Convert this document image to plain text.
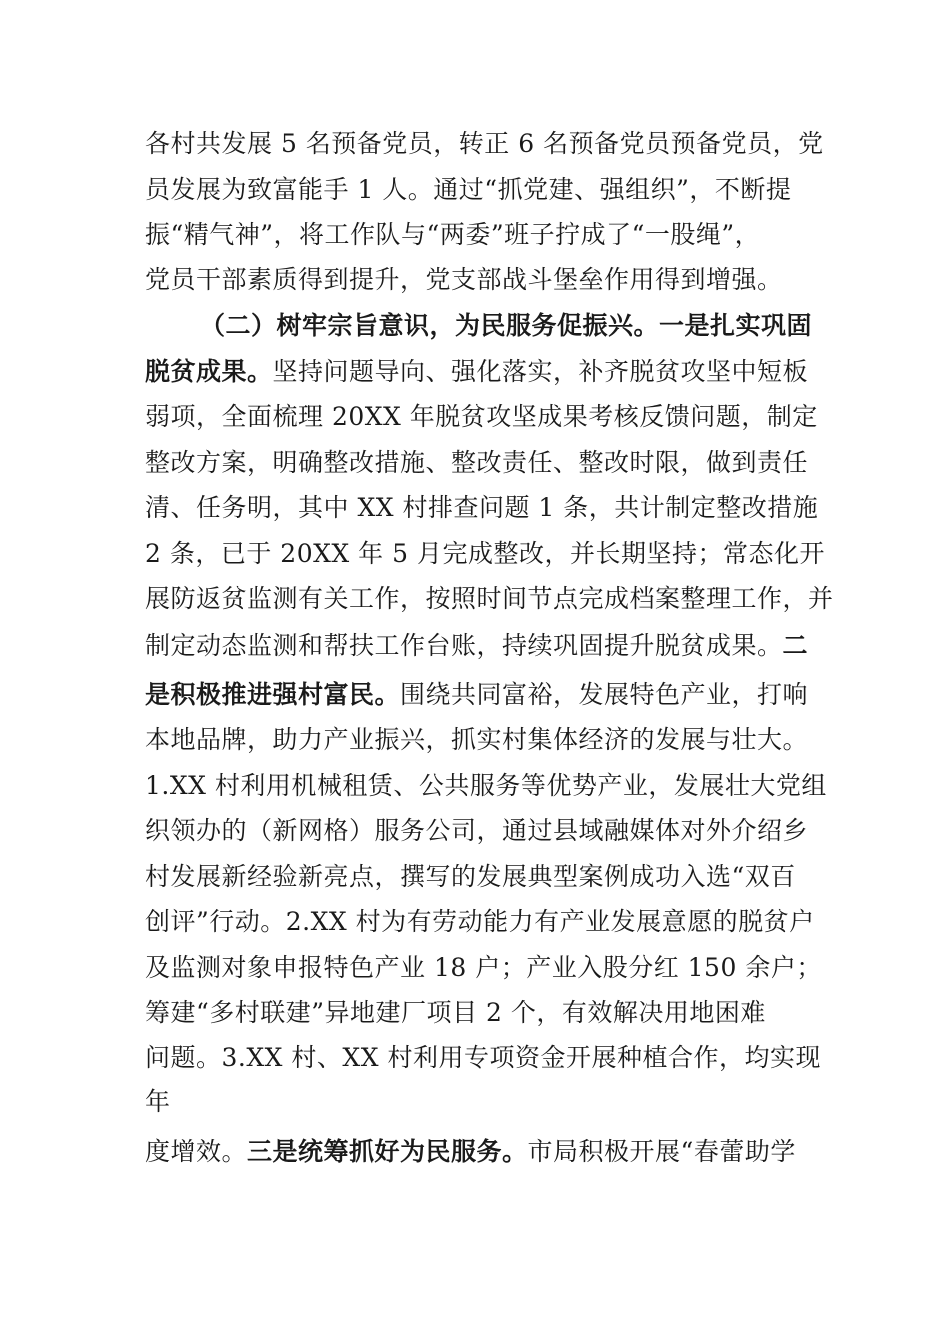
各村共发展 5 名预备党员，转正 6 名预备党员预备党员，党
员发展为致富能手 1 人。通过“抓党建、强组织”，不断提
振“精气神”，将工作队与“两委”班子拧成了“一股绳”，
党员干部素质得到提升，党支部战斗堡垒作用得到增强。
（二）树牢宗旨意识，为民服务促振兴。一是扎实巩固
脱贫成果。坚持问题导向、强化落实，补齐脱贫攻坚中短板
弱项，全面梳理 20XX 年脱贫攻坚成果考核反馈问题，制定
整改方案，明确整改措施、整改责任、整改时限，做到责任
清、任务明，其中 XX 村排查问题 1 条，共计制定整改措施
2 条，已于 20XX 年 5 月完成整改，并长期坚持；常态化开
展防返贫监测有关工作，按照时间节点完成档案整理工作，并
制定动态监测和帮扶工作台账，持续巩固提升脱贫成果。二
是积极推进强村富民。围绕共同富裕，发展特色产业，打响
本地品牌，助力产业振兴，抓实村集体经济的发展与壮大。
1.XX 村利用机械租赁、公共服务等优势产业，发展壮大党组
织领办的（新网格）服务公司，通过县域融媒体对外介绍乡
村发展新经验新亮点，撰写的发展典型案例成功入选“双百
创评”行动。2.XX 村为有劳动能力有产业发展意愿的脱贫户
及监测对象申报特色产业 18 户；产业入股分红 150 余户；
筹建“多村联建”异地建厂项目 2 个，有效解决用地困难
问题。3.XX 村、XX 村利用专项资金开展种植合作，均实现
年
度增效。三是统筹抓好为民服务。市局积极开展“春蕾助学
